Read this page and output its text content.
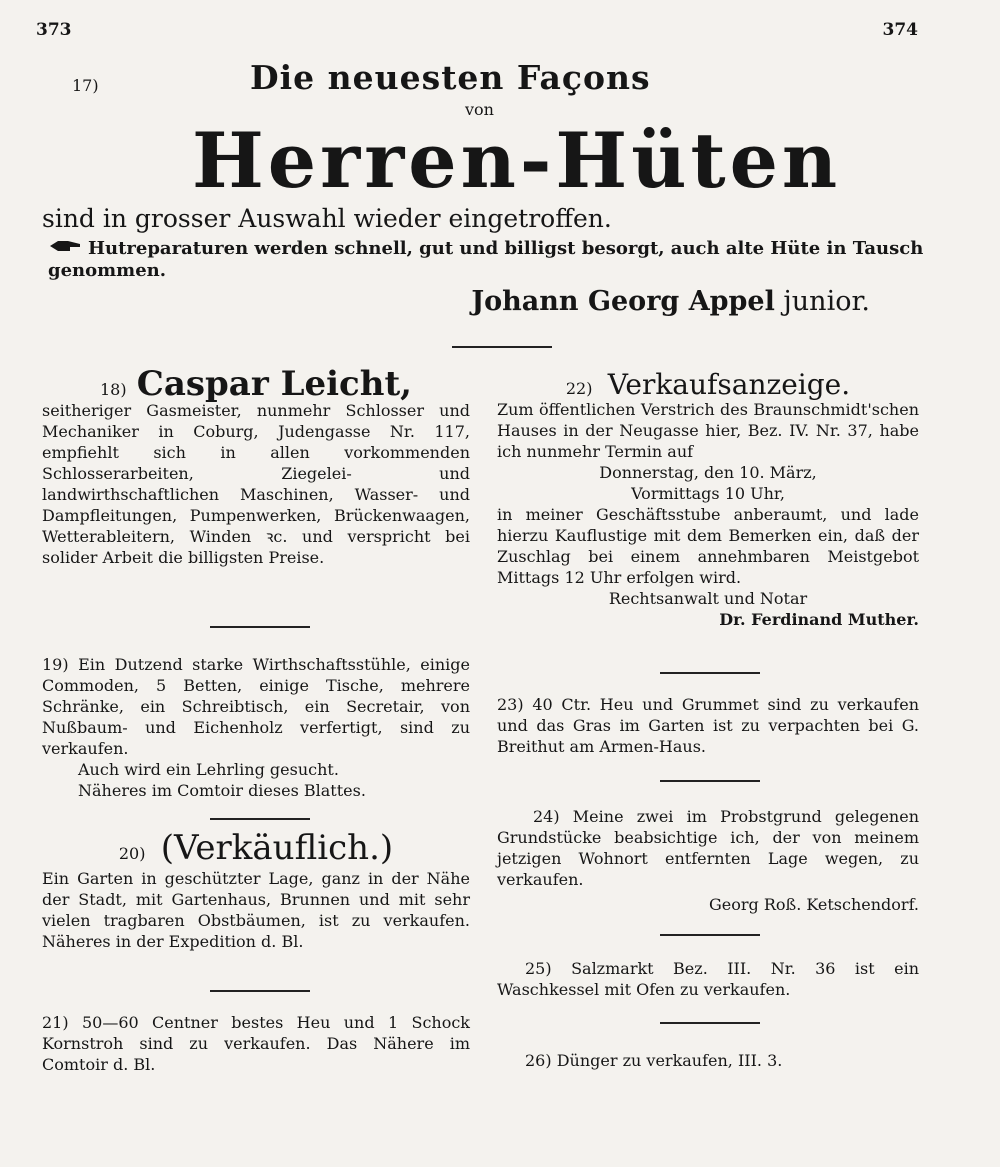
373	374
17)	Die neuesten Façons
von
Herren-Hüten
sind in grosser Auswahl wieder eingetroffen.
Hutreparaturen werden schnell, gut und billigst besorgt, auch alte Hüte in Tausch genommen.
Johann Georg Appel junior.

18) Caspar Leicht,

seitheriger Gasmeister, nunmehr Schlosser und Mechaniker in Coburg, Judengasse Nr. 117, empfiehlt sich in allen vorkommenden Schlosserarbeiten, Ziegelei- und landwirthschaftlichen Maschinen, Wasser- und Dampfleitungen, Pumpenwerken, Brückenwaagen, Wetterableitern, Winden ꝛc. und verspricht bei solider Arbeit die billigsten Preise.

19) Ein Dutzend starke Wirthschaftsstühle, einige Commoden, 5 Betten, einige Tische, mehrere Schränke, ein Schreibtisch, ein Secretair, von Nußbaum- und Eichenholz verfertigt, sind zu verkaufen.

Auch wird ein Lehrling gesucht.

Näheres im Comtoir dieses Blattes.

20) (Verkäuflich.)

Ein Garten in geschützter Lage, ganz in der Nähe der Stadt, mit Gartenhaus, Brunnen und mit sehr vielen tragbaren Obstbäumen, ist zu verkaufen. Näheres in der Expedition d. Bl.

21) 50—60 Centner bestes Heu und 1 Schock Kornstroh sind zu verkaufen. Das Nähere im Comtoir d. Bl.

22) Verkaufsanzeige.

Zum öffentlichen Verstrich des Braunschmidt'schen Hauses in der Neugasse hier, Bez. IV. Nr. 37, habe ich nunmehr Termin auf

Donnerstag, den 10. März,

Vormittags 10 Uhr,

in meiner Geschäftsstube anberaumt, und lade hierzu Kauflustige mit dem Bemerken ein, daß der Zuschlag bei einem annehmbaren Meistgebot Mittags 12 Uhr erfolgen wird.

Rechtsanwalt und Notar

Dr. Ferdinand Muther.

23) 40 Ctr. Heu und Grummet sind zu verkaufen und das Gras im Garten ist zu verpachten bei G. Breithut am Armen-Haus.

24) Meine zwei im Probstgrund gelegenen Grundstücke beabsichtige ich, der von meinem jetzigen Wohnort entfernten Lage wegen, zu verkaufen.

Georg Roß. Ketschendorf.

25) Salzmarkt Bez. III. Nr. 36 ist ein Waschkessel mit Ofen zu verkaufen.

26) Dünger zu verkaufen, III. 3.
